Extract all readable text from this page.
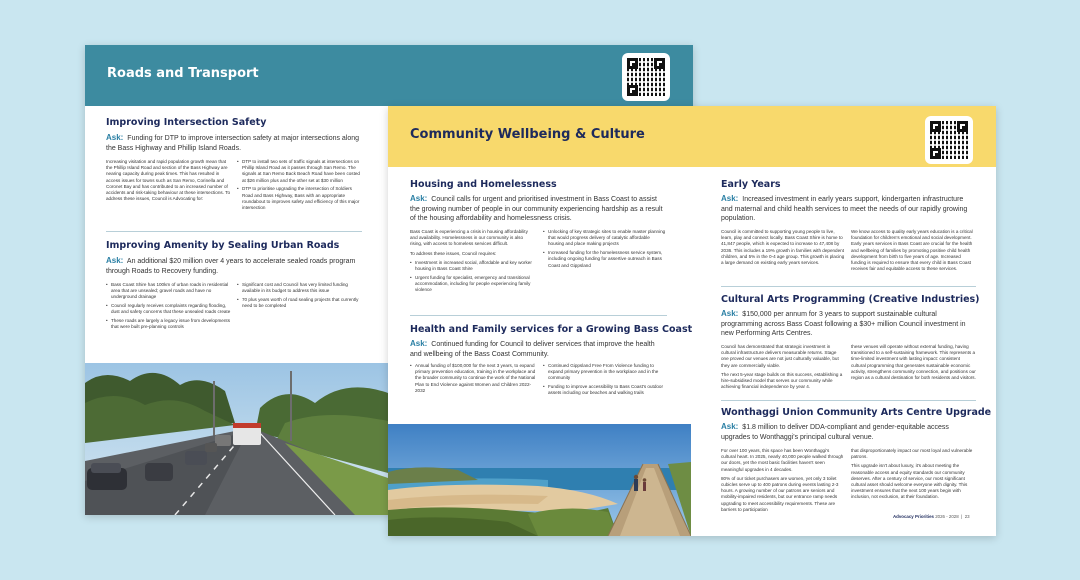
Roads and Transport
Improving Intersection Safety
Ask: Funding for DTP to improve intersection safety at major intersections along the Bass Highway and Phillip Island Roads.

Increasing visitation and rapid population growth mean that the Phillip Island Road and section of the Bass Highway are nearing capacity during peak times. This has resulted in access issues for towns such as San Remo, Corinella and Coronet Bay and has contributed to an increased number of accidents and risk-taking behaviour at these intersections. To address these issues, Council is Advocating for:

• DTP to install two sets of traffic signals at intersections on Phillip Island Road as it passes through San Remo. The signals at San Remo Back Beach Road have been costed at $26 million plus and the other set at $30 million
• DTP to prioritise upgrading the intersection of Soldiers Road and Bass Highway, Bass with an appropriate roundabout to improves safety and efficiency of this major intersection
Improving Amenity by Sealing Urban Roads
Ask: An additional $20 million over 4 years to accelerate sealed roads program through Roads to Recovery funding.
• Bass Coast Shire has 100km of urban roads in residential area that are unsealed; gravel roads and have no underground drainage
• Council regularly receives complaints regarding flooding, dust and safety concerns that these unsealed roads create
• These roads are largely a legacy issue from developments that were built pre-planning controls
• Significant cost and Council has very limited funding available in its budget to address this issue
• 70 plus years worth of road sealing projects that currently need to be completed
Community Wellbeing & Culture
Housing and Homelessness
Ask: Council calls for urgent and prioritised investment in Bass Coast to assist the growing number of people in our community experiencing hardship as a result of the housing affordability and homelessness crisis.

Bass Coast is experiencing a crisis in housing affordability and availability. Homelessness in our community is also rising, with access to homeless services difficult.

To address these issues, Council requires:

• Investment in increased social, affordable and key worker housing in Bass Coast Shire
• Urgent funding for specialist, emergency and transitional accommodation, including for people experiencing family violence
• Unlocking of key strategic sites to enable master planning that would progress delivery of catalytic affordable housing and place making projects
• Increased funding for the homelessness service system, including ongoing funding for assertive outreach in Bass Coast and Gippsland
Health and Family services for a Growing Bass Coast
Ask: Continued funding for Council to deliver services that improve the health and wellbeing of the Bass Coast Community.
• Annual funding of $100,000 for the next 3 years, to expand primary prevention education, training in the workplace and the broader community to continue the work of the National Plan to End Violence against Women and Children 2022-2032
• Continued Gippsland Free From Violence funding to expand primary prevention in the workplace and in the community
• Funding to improve accessibility to Bass Coast's outdoor assets including our beaches and walking trails
Early Years
Ask: Increased investment in early years support, kindergarten infrastructure and maternal and child health services to meet the needs of our rapidly growing population.

Council is committed to supporting young people to live, learn, play and connect locally. Bass Coast Shire is home to 41,847 people, which is expected to increase to 47,408 by 2036. This includes a 19% growth in families with dependent children, and 5% in the 0-4 age group. This growth is placing a large demand on existing early years services.

We know access to quality early years education is a critical foundation for children's emotional and social development. Early years services in Bass Coast are crucial for the health and wellbeing of families by promoting positive child health development from birth to five years of age. Increased funding is required to ensure that every child in Bass Coast receives fair and equitable access to these services.

Cultural Arts Programming (Creative Industries)
Ask: $150,000 per annum for 3 years to support sustainable cultural programming across Bass Coast following a $30+ million Council investment in new Performing Arts Centres.

Council has demonstrated that strategic investment in cultural infrastructure delivers measurable returns. Stage one proved our venues are not just culturally valuable, but they are commercially viable.

The next 5-year stage builds on this success, establishing a hire-subsidised model that serves our community while achieving financial independence by year 4.

these venues will operate without external funding, having transitioned to a self-sustaining framework. This represents a time-limited investment with lasting impact: consistent cultural programming that generates sustainable economic activity, strengthens community connection, and positions our region as a cultural destination for both residents and visitors.

Wonthaggi Union Community Arts Centre Upgrade
Ask: $1.8 million to deliver DDA-compliant and gender-equitable access upgrades to Wonthaggi's principal cultural venue.

For over 100 years, this space has been Wonthaggi's cultural heart. In 2025, nearly 40,000 people walked through our doors, yet the most basic facilities haven't seen meaningful upgrades in 4 decades.

80% of our ticket purchasers are women, yet only 3 toilet cubicles serve up to 400 patrons during events lasting 2-3 hours. A growing number of our patrons are seniors and mobility-impaired residents, but our entrance ramp needs upgrading to meet accessibility requirements. These are barriers to participation

that disproportionately impact our most loyal and vulnerable patrons.

This upgrade isn't about luxury, it's about meeting the reasonable access and equity standards our community deserves. After a century of service, our most significant cultural asset should welcome everyone with dignity. This investment ensures that the next 100 years begin with inclusion, not exclusion, at their foundation.

Advocacy Priorities 2026 - 2028  |  23
